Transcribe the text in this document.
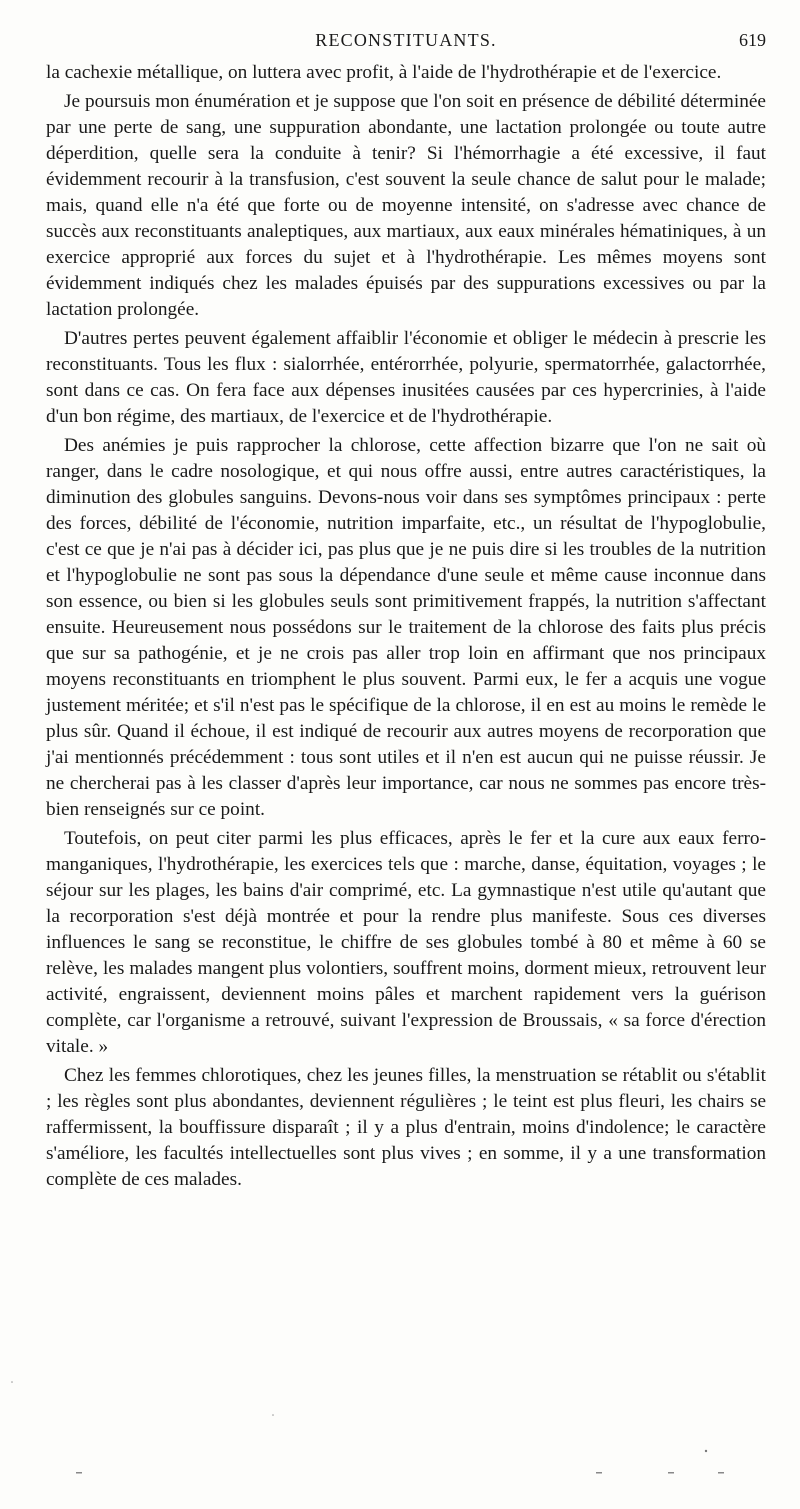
RECONSTITUANTS.	619

la cachexie métallique, on luttera avec profit, à l'aide de l'hydrothérapie et de l'exercice.

Je poursuis mon énumération et je suppose que l'on soit en présence de débilité déterminée par une perte de sang, une suppuration abondante, une lactation prolongée ou toute autre déperdition, quelle sera la conduite à tenir? Si l'hémorrhagie a été excessive, il faut évidemment recourir à la transfusion, c'est souvent la seule chance de salut pour le malade; mais, quand elle n'a été que forte ou de moyenne intensité, on s'adresse avec chance de succès aux reconstituants analeptiques, aux martiaux, aux eaux minérales hématiniques, à un exercice approprié aux forces du sujet et à l'hydrothérapie. Les mêmes moyens sont évidemment indiqués chez les malades épuisés par des suppurations excessives ou par la lactation prolongée.

D'autres pertes peuvent également affaiblir l'économie et obliger le médecin à prescrie les reconstituants. Tous les flux : sialorrhée, entérorrhée, polyurie, spermatorrhée, galactorrhée, sont dans ce cas. On fera face aux dépenses inusitées causées par ces hypercrinies, à l'aide d'un bon régime, des martiaux, de l'exercice et de l'hydrothérapie.

Des anémies je puis rapprocher la chlorose, cette affection bizarre que l'on ne sait où ranger, dans le cadre nosologique, et qui nous offre aussi, entre autres caractéristiques, la diminution des globules sanguins. Devons-nous voir dans ses symptômes principaux : perte des forces, débilité de l'économie, nutrition imparfaite, etc., un résultat de l'hypoglobulie, c'est ce que je n'ai pas à décider ici, pas plus que je ne puis dire si les troubles de la nutrition et l'hypoglobulie ne sont pas sous la dépendance d'une seule et même cause inconnue dans son essence, ou bien si les globules seuls sont primitivement frappés, la nutrition s'affectant ensuite. Heureusement nous possédons sur le traitement de la chlorose des faits plus précis que sur sa pathogénie, et je ne crois pas aller trop loin en affirmant que nos principaux moyens reconstituants en triomphent le plus souvent. Parmi eux, le fer a acquis une vogue justement méritée; et s'il n'est pas le spécifique de la chlorose, il en est au moins le remède le plus sûr. Quand il échoue, il est indiqué de recourir aux autres moyens de recorporation que j'ai mentionnés précédemment : tous sont utiles et il n'en est aucun qui ne puisse réussir. Je ne chercherai pas à les classer d'après leur importance, car nous ne sommes pas encore très-bien renseignés sur ce point.

Toutefois, on peut citer parmi les plus efficaces, après le fer et la cure aux eaux ferro-manganiques, l'hydrothérapie, les exercices tels que : marche, danse, équitation, voyages ; le séjour sur les plages, les bains d'air comprimé, etc. La gymnastique n'est utile qu'autant que la recorporation s'est déjà montrée et pour la rendre plus manifeste. Sous ces diverses influences le sang se reconstitue, le chiffre de ses globules tombé à 80 et même à 60 se relève, les malades mangent plus volontiers, souffrent moins, dorment mieux, retrouvent leur activité, engraissent, deviennent moins pâles et marchent rapidement vers la guérison complète, car l'organisme a retrouvé, suivant l'expression de Broussais, « sa force d'érection vitale. »

Chez les femmes chlorotiques, chez les jeunes filles, la menstruation se rétablit ou s'établit ; les règles sont plus abondantes, deviennent régulières ; le teint est plus fleuri, les chairs se raffermissent, la bouffissure disparaît ; il y a plus d'entrain, moins d'indolence; le caractère s'améliore, les facultés intellectuelles sont plus vives ; en somme, il y a une transformation complète de ces malades.
